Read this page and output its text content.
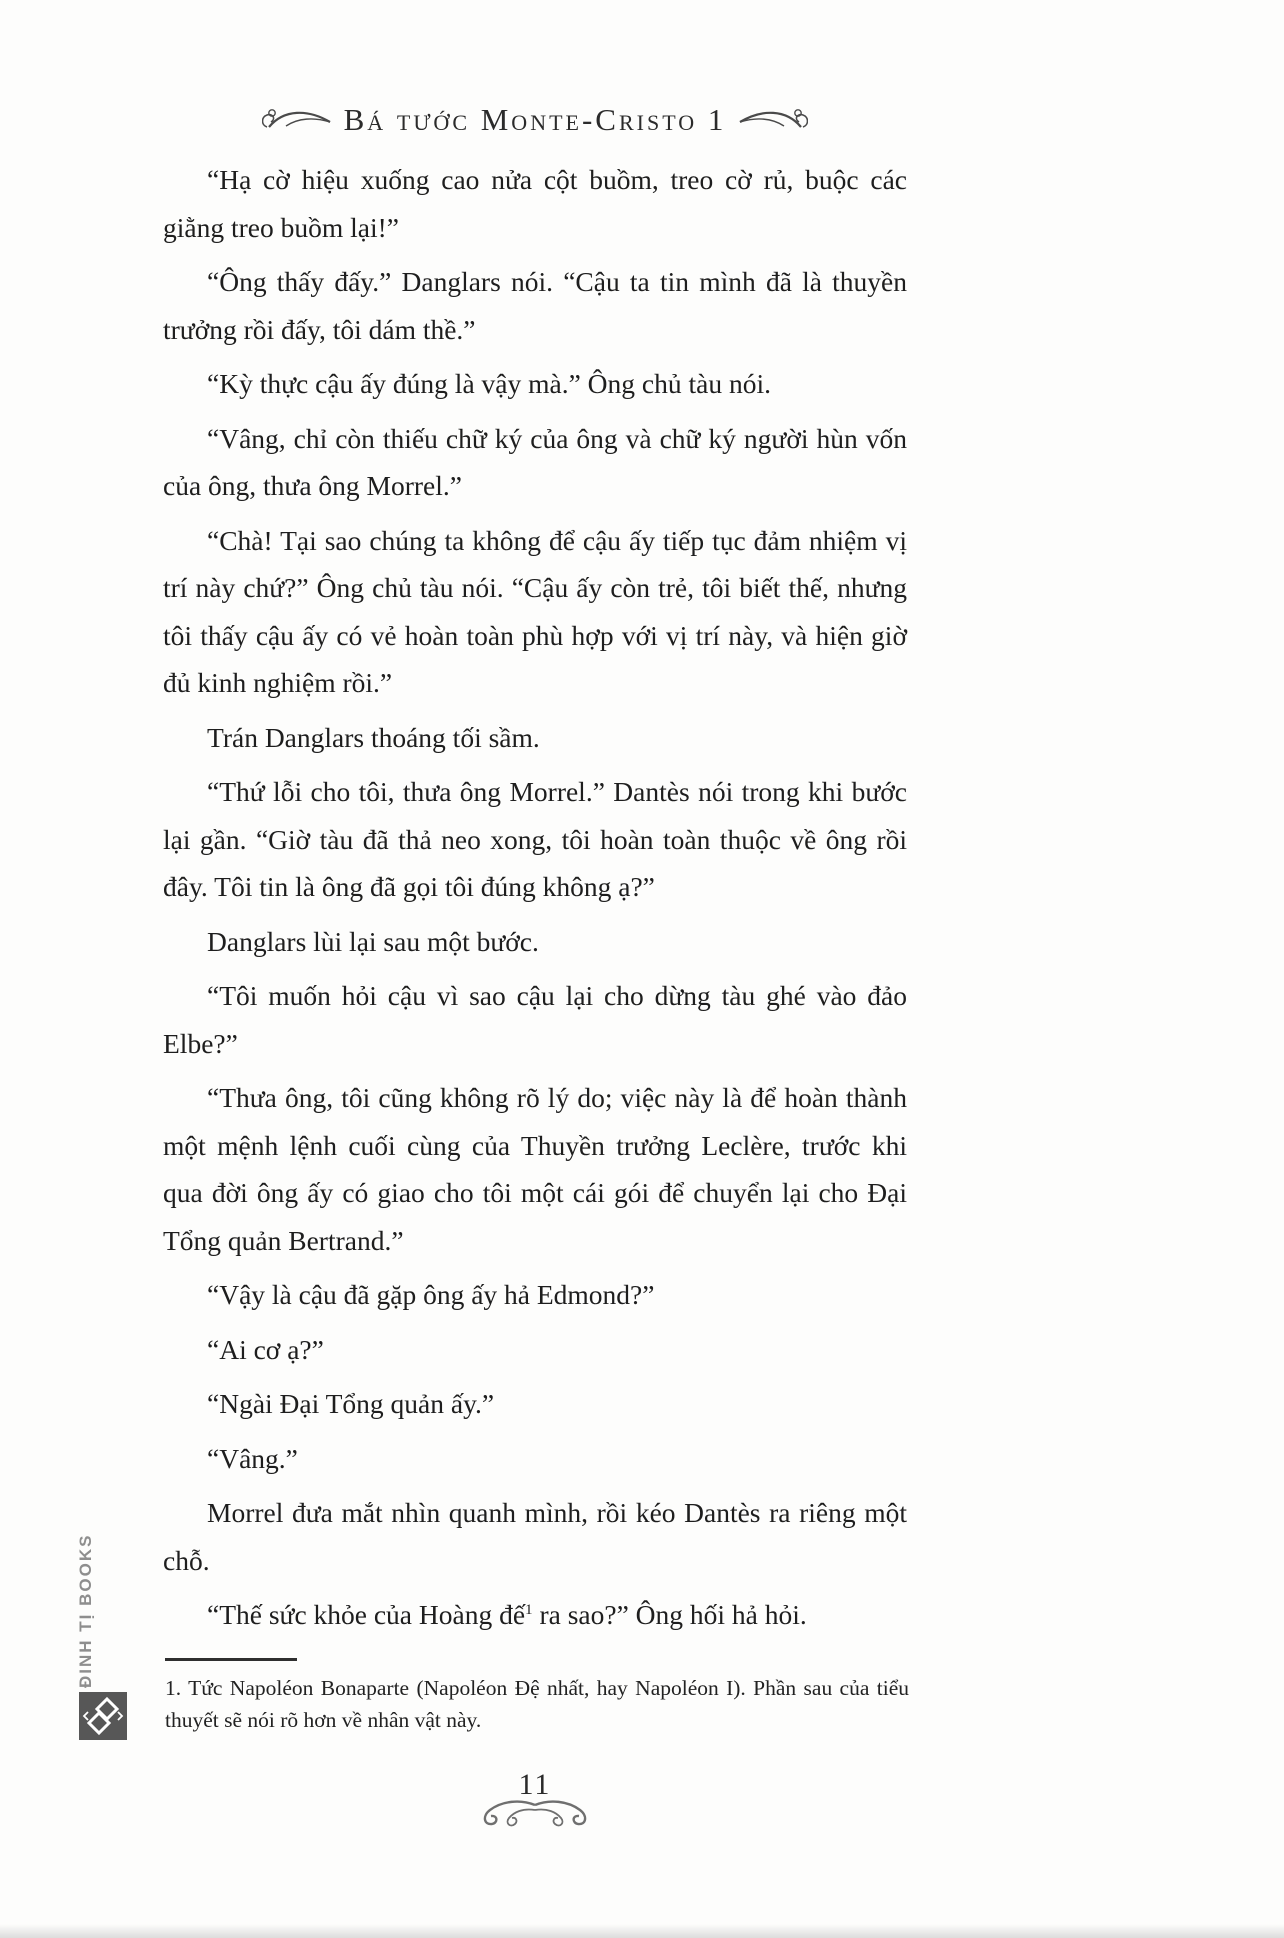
Bá tước Monte-Cristo 1

“Hạ cờ hiệu xuống cao nửa cột buồm, treo cờ rủ, buộc các giằng treo buồm lại!”

“Ông thấy đấy.” Danglars nói. “Cậu ta tin mình đã là thuyền trưởng rồi đấy, tôi dám thề.”

“Kỳ thực cậu ấy đúng là vậy mà.” Ông chủ tàu nói.

“Vâng, chỉ còn thiếu chữ ký của ông và chữ ký người hùn vốn của ông, thưa ông Morrel.”

“Chà! Tại sao chúng ta không để cậu ấy tiếp tục đảm nhiệm vị trí này chứ?” Ông chủ tàu nói. “Cậu ấy còn trẻ, tôi biết thế, nhưng tôi thấy cậu ấy có vẻ hoàn toàn phù hợp với vị trí này, và hiện giờ đủ kinh nghiệm rồi.”

Trán Danglars thoáng tối sầm.

“Thứ lỗi cho tôi, thưa ông Morrel.” Dantès nói trong khi bước lại gần. “Giờ tàu đã thả neo xong, tôi hoàn toàn thuộc về ông rồi đây. Tôi tin là ông đã gọi tôi đúng không ạ?”

Danglars lùi lại sau một bước.

“Tôi muốn hỏi cậu vì sao cậu lại cho dừng tàu ghé vào đảo Elbe?”

“Thưa ông, tôi cũng không rõ lý do; việc này là để hoàn thành một mệnh lệnh cuối cùng của Thuyền trưởng Leclère, trước khi qua đời ông ấy có giao cho tôi một cái gói để chuyển lại cho Đại Tổng quản Bertrand.”

“Vậy là cậu đã gặp ông ấy hả Edmond?”

“Ai cơ ạ?”

“Ngài Đại Tổng quản ấy.”

“Vâng.”

Morrel đưa mắt nhìn quanh mình, rồi kéo Dantès ra riêng một chỗ.

“Thế sức khỏe của Hoàng đế$^1$ ra sao?” Ông hối hả hỏi.

1. Tức Napoléon Bonaparte (Napoléon Đệ nhất, hay Napoléon I). Phần sau của tiểu thuyết sẽ nói rõ hơn về nhân vật này.
11
ĐINH TỊ BOOKS
